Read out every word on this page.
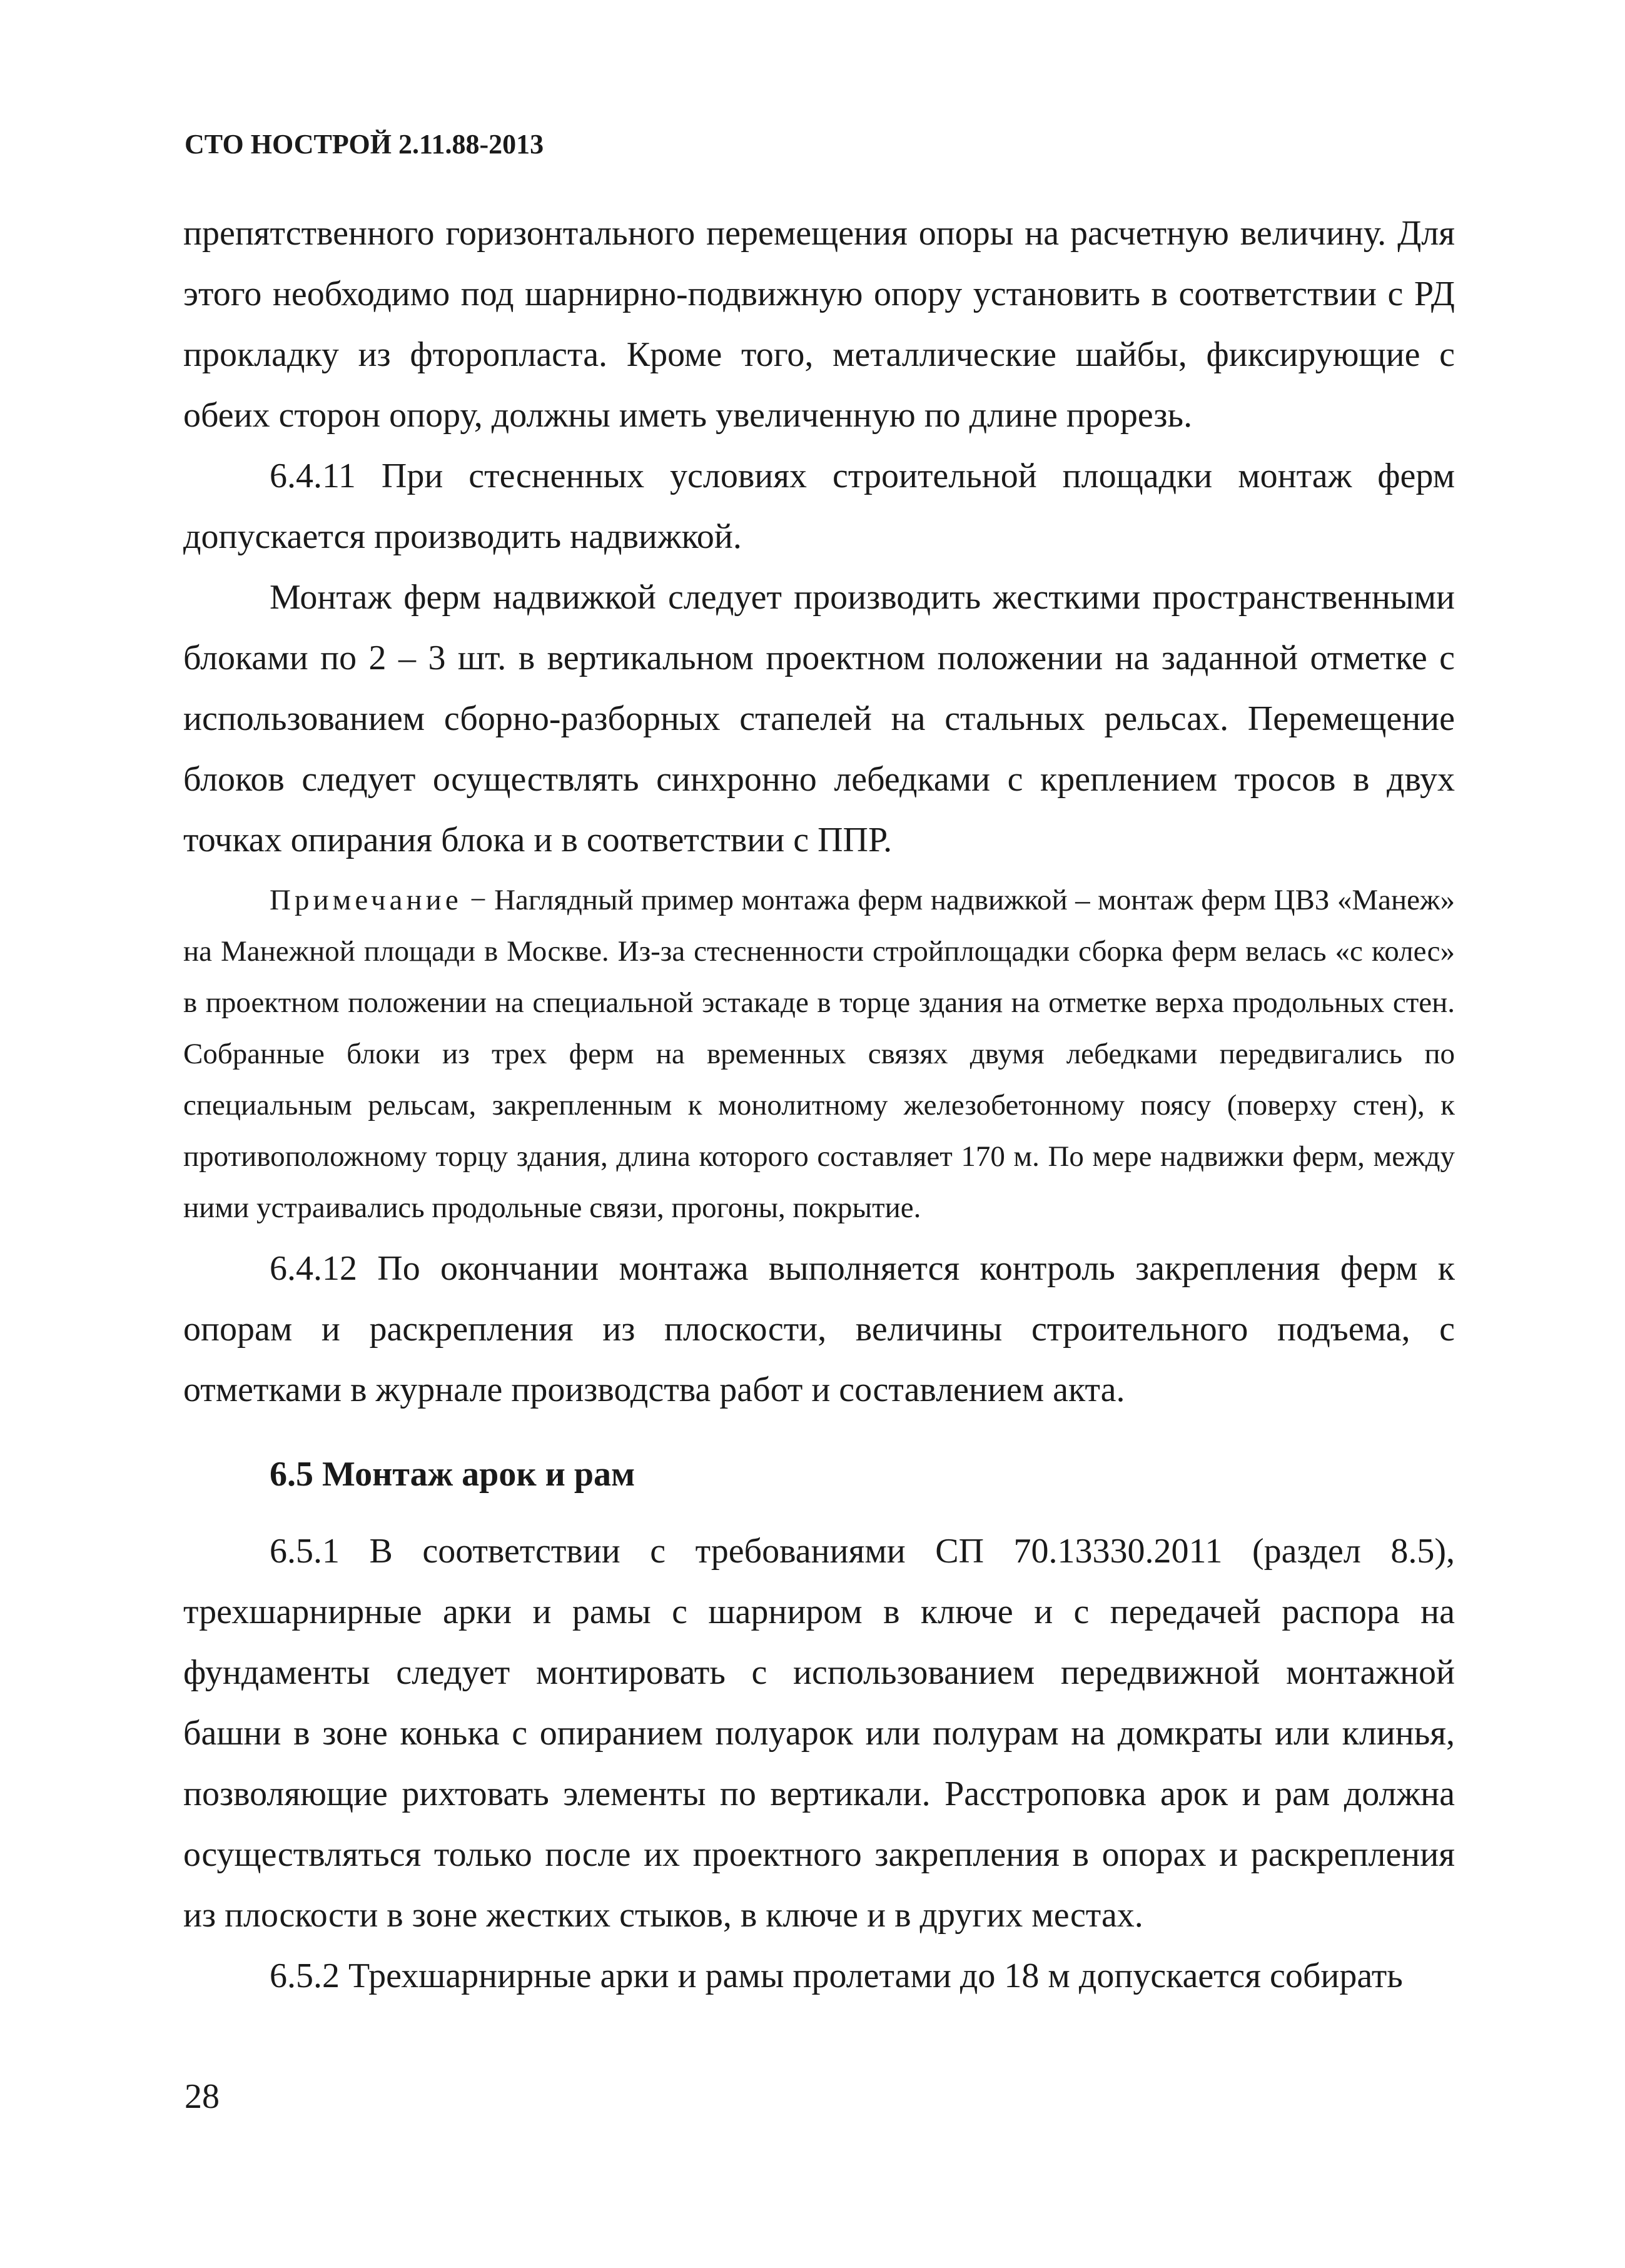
СТО НОСТРОЙ 2.11.88-2013

препятственного горизонтального перемещения опоры на расчетную величину. Для этого необходимо под шарнирно-подвижную опору установить в соответствии с РД прокладку из фторопласта. Кроме того, металлические шайбы, фиксирующие с обеих сторон опору, должны иметь увеличенную по длине прорезь.

6.4.11 При стесненных условиях строительной площадки монтаж ферм допускается производить надвижкой.

Монтаж ферм надвижкой следует производить жесткими пространственными блоками по 2 – 3 шт. в вертикальном проектном положении на заданной отметке с использованием сборно-разборных стапелей на стальных рельсах. Перемещение блоков следует осуществлять синхронно лебедками с креплением тросов в двух точках опирания блока и в соответствии с ППР.

Примечание − Наглядный пример монтажа ферм надвижкой – монтаж ферм ЦВЗ «Манеж» на Манежной площади в Москве. Из-за стесненности стройплощадки сборка ферм велась «с колес» в проектном положении на специальной эстакаде в торце здания на отметке верха продольных стен. Собранные блоки из трех ферм на временных связях двумя лебедками передвигались по специальным рельсам, закрепленным к монолитному железобетонному поясу (поверху стен), к противоположному торцу здания, длина которого составляет 170 м. По мере надвижки ферм, между ними устраивались продольные связи, прогоны, покрытие.

6.4.12 По окончании монтажа выполняется контроль закрепления ферм к опорам и раскрепления из плоскости, величины строительного подъема, с отметками в журнале производства работ и составлением акта.

6.5 Монтаж арок и рам

6.5.1 В соответствии с требованиями СП 70.13330.2011 (раздел 8.5), трехшарнирные арки и рамы с шарниром в ключе и с передачей распора на фундаменты следует монтировать с использованием передвижной монтажной башни в зоне конька с опиранием полуарок или полурам на домкраты или клинья, позволяющие рихтовать элементы по вертикали. Расстроповка арок и рам должна осуществляться только после их проектного закрепления в опорах и раскрепления из плоскости в зоне жестких стыков, в ключе и в других местах.

6.5.2 Трехшарнирные арки и рамы пролетами до 18 м допускается собирать

28
